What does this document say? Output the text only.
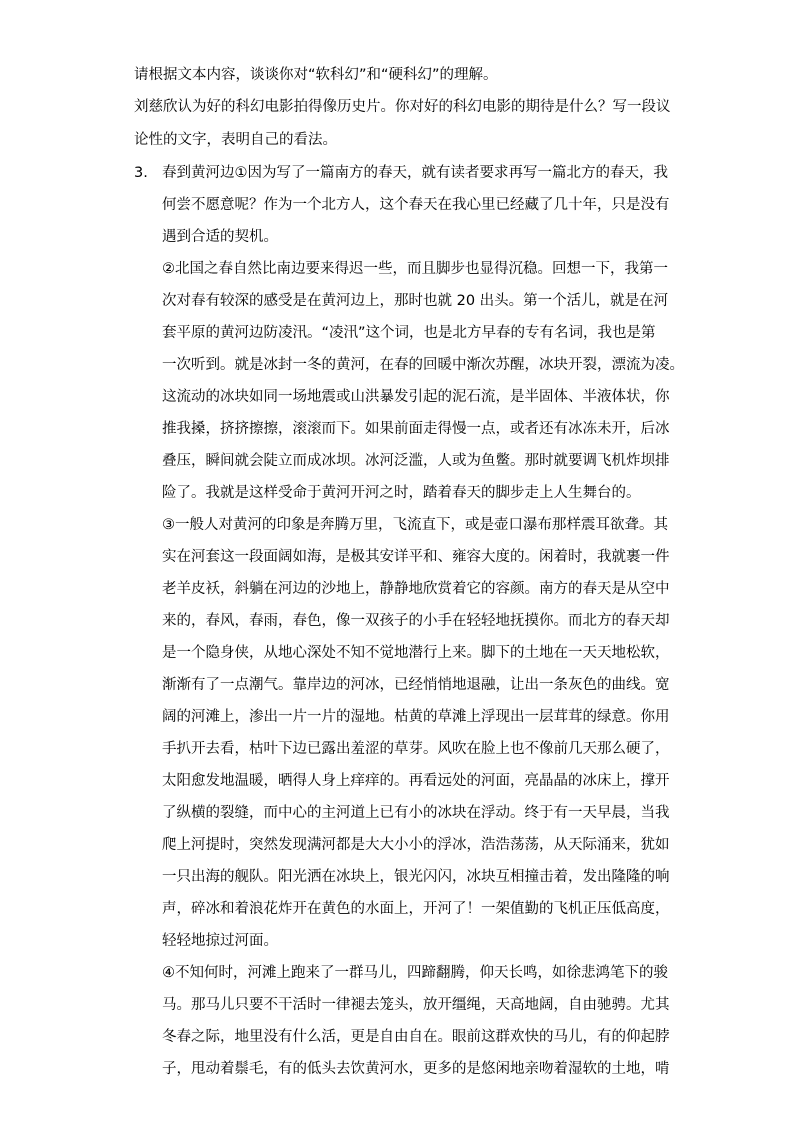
请根据文本内容，谈谈你对“软科幻”和“硬科幻”的理解。
刘慈欣认为好的科幻电影拍得像历史片。你对好的科幻电影的期待是什么？写一段议
论性的文字，表明自己的看法。
3. 春到黄河边①因为写了一篇南方的春天，就有读者要求再写一篇北方的春天，我
何尝不愿意呢？作为一个北方人，这个春天在我心里已经藏了几十年，只是没有
遇到合适的契机。
②北国之春自然比南边要来得迟一些，而且脚步也显得沉稳。回想一下，我第一
次对春有较深的感受是在黄河边上，那时也就 20 出头。第一个活儿，就是在河
套平原的黄河边防凌汛。“凌汛”这个词，也是北方早春的专有名词，我也是第
一次听到。就是冰封一冬的黄河，在春的回暖中渐次苏醒，冰块开裂，漂流为凌。
这流动的冰块如同一场地震或山洪暴发引起的泥石流，是半固体、半液体状，你
推我搡，挤挤擦擦，滚滚而下。如果前面走得慢一点，或者还有冰冻未开，后冰
叠压，瞬间就会陡立而成冰坝。冰河泛滥，人或为鱼鳖。那时就要调飞机炸坝排
险了。我就是这样受命于黄河开河之时，踏着春天的脚步走上人生舞台的。
③一般人对黄河的印象是奔腾万里，飞流直下，或是壶口瀑布那样震耳欲聋。其
实在河套这一段面阔如海，是极其安详平和、雍容大度的。闲着时，我就裹一件
老羊皮袄，斜躺在河边的沙地上，静静地欣赏着它的容颜。南方的春天是从空中
来的，春风，春雨，春色，像一双孩子的小手在轻轻地抚摸你。而北方的春天却
是一个隐身侠，从地心深处不知不觉地潜行上来。脚下的土地在一天天地松软，
渐渐有了一点潮气。靠岸边的河冰，已经悄悄地退融，让出一条灰色的曲线。宽
阔的河滩上，渗出一片一片的湿地。枯黄的草滩上浮现出一层茸茸的绿意。你用
手扒开去看，枯叶下边已露出羞涩的草芽。风吹在脸上也不像前几天那么硬了，
太阳愈发地温暖，晒得人身上痒痒的。再看远处的河面，亮晶晶的冰床上，撑开
了纵横的裂缝，而中心的主河道上已有小的冰块在浮动。终于有一天早晨，当我
爬上河提时，突然发现满河都是大大小小的浮冰，浩浩荡荡，从天际涌来，犹如
一只出海的舰队。阳光洒在冰块上，银光闪闪，冰块互相撞击着，发出隆隆的响
声，碎冰和着浪花炸开在黄色的水面上，开河了！一架值勤的飞机正压低高度，
轻轻地掠过河面。
④不知何时，河滩上跑来了一群马儿，四蹄翻腾，仰天长鸣，如徐悲鸿笔下的骏
马。那马儿只要不干活时一律褪去笼头，放开缰绳，天高地阔，自由驰骋。尤其
冬春之际，地里没有什么活，更是自由自在。眼前这群欢快的马儿，有的仰起脖
子，甩动着鬃毛，有的低头去饮黄河水，更多的是悠闲地亲吻着湿软的土地，啃
